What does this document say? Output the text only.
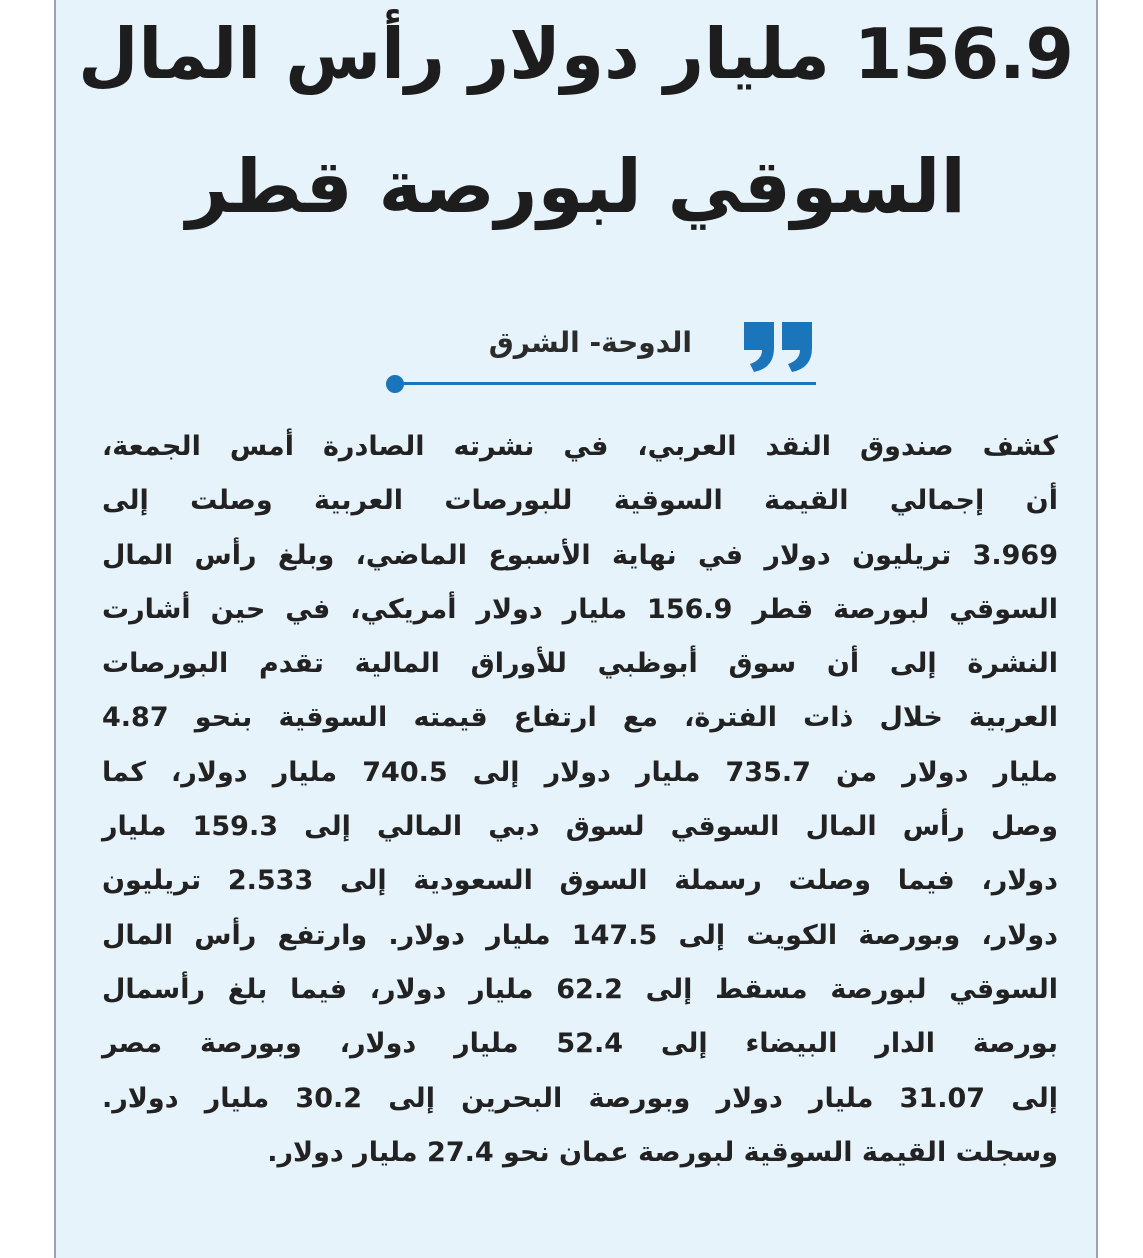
156.9 مليار دولار رأس المال
السوقي لبورصة قطر
الدوحة- الشرق
كشف صندوق النقد العربي، في نشرته الصادرة أمس الجمعة،
أن إجمالي القيمة السوقية للبورصات العربية وصلت إلى
3.969 تريليون دولار في نهاية الأسبوع الماضي، وبلغ رأس المال
السوقي لبورصة قطر 156.9 مليار دولار أمريكي، في حين أشارت
النشرة إلى أن سوق أبوظبي للأوراق المالية تقدم البورصات
العربية خلال ذات الفترة، مع ارتفاع قيمته السوقية بنحو 4.87
مليار دولار من 735.7 مليار دولار إلى 740.5 مليار دولار، كما
وصل رأس المال السوقي لسوق دبي المالي إلى 159.3 مليار
دولار، فيما وصلت رسملة السوق السعودية إلى 2.533 تريليون
دولار، وبورصة الكويت إلى 147.5 مليار دولار. وارتفع رأس المال
السوقي لبورصة مسقط إلى 62.2 مليار دولار، فيما بلغ رأسمال
بورصة الدار البيضاء إلى 52.4 مليار دولار، وبورصة مصر
إلى 31.07 مليار دولار وبورصة البحرين إلى 30.2 مليار دولار.
وسجلت القيمة السوقية لبورصة عمان نحو 27.4 مليار دولار.
